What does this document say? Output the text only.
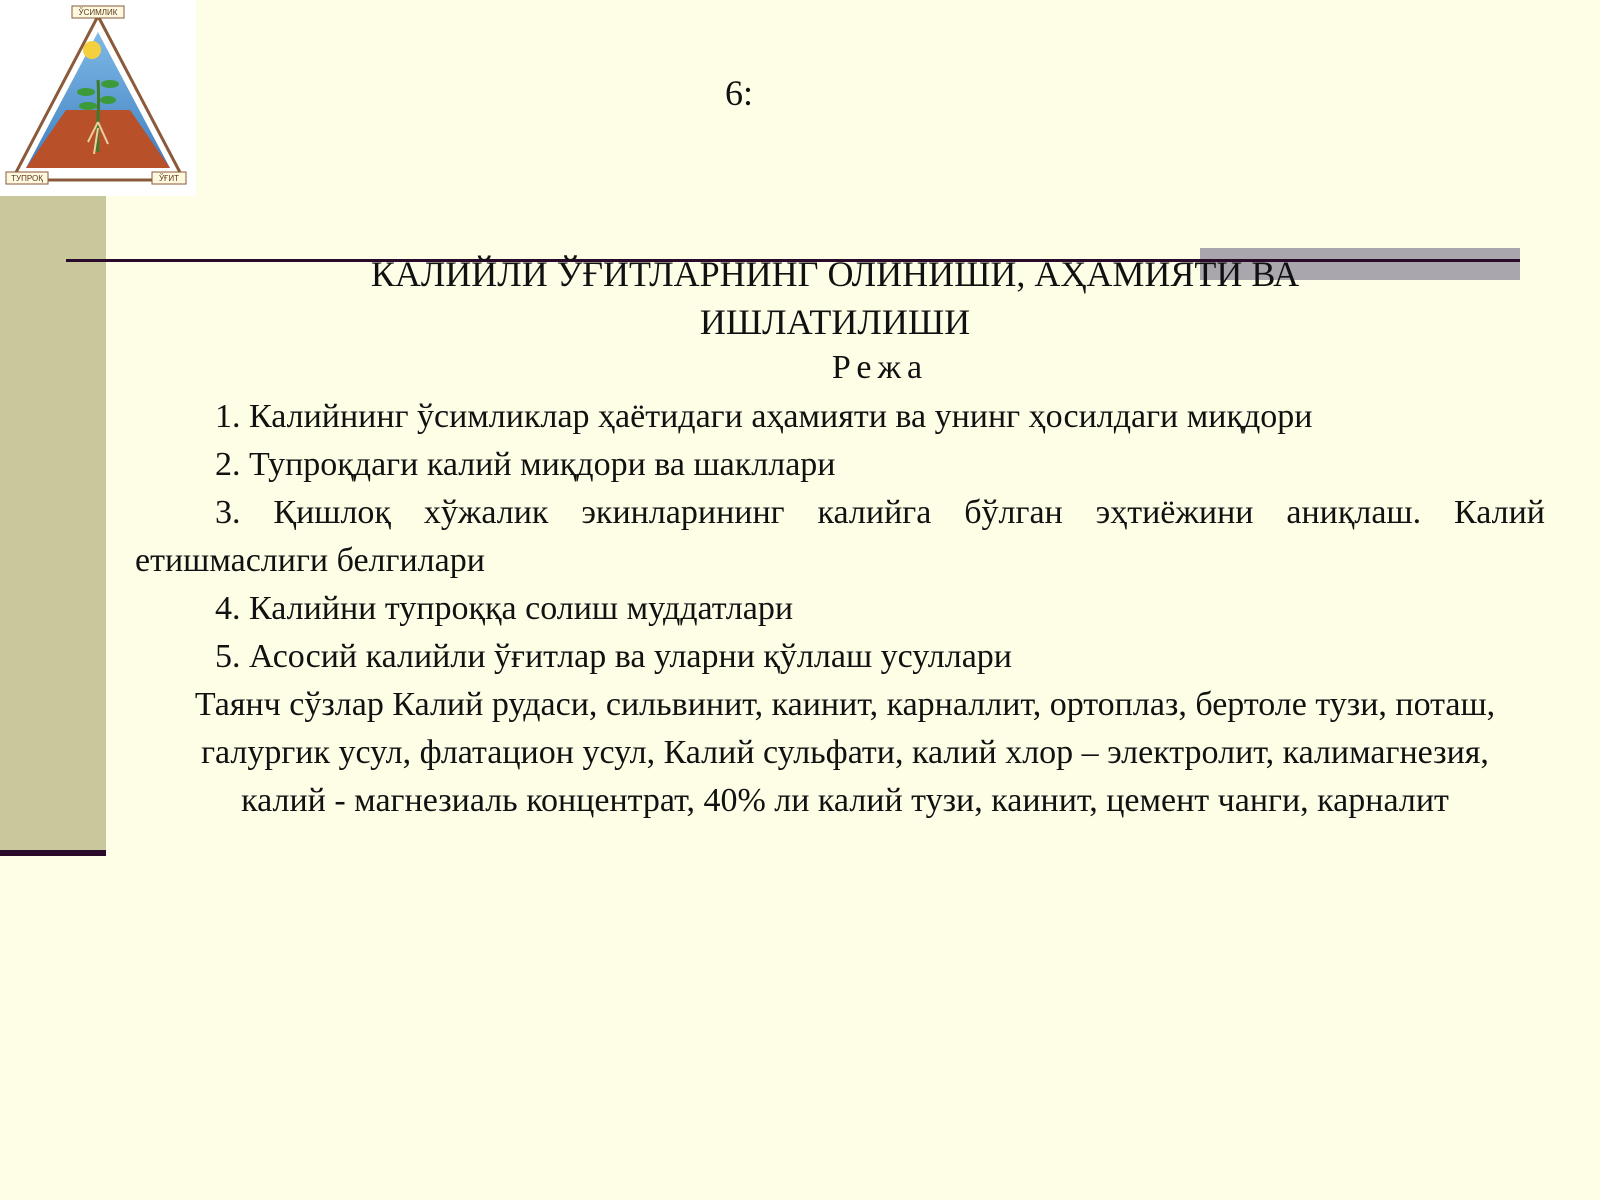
ЎСИМЛИК
ТУПРОҚ	ЎҒИТ
6:
КАЛИЙЛИ ЎҒИТЛАРНИНГ ОЛИНИШИ, АҲАМИЯТИ ВА ИШЛАТИЛИШИ
Режа
1. Калийнинг ўсимликлар ҳаётидаги аҳамияти ва унинг ҳосилдаги миқдори
2. Тупроқдаги калий миқдори ва шакллари
3. Қишлоқ хўжалик экинларининг калийга бўлган эҳтиёжини аниқлаш. Калий етишмаслиги белгилари
4. Калийни тупроққа солиш муддатлари
5. Асосий калийли ўғитлар ва уларни қўллаш усуллари
Таянч сўзлар Калий рудаси, сильвинит, каинит, карналлит, ортоплаз, бертоле тузи, поташ, галургик усул, флатацион усул, Калий сульфати, калий хлор – электролит, калимагнезия, калий - магнезиаль концентрат, 40% ли калий тузи, каинит, цемент чанги, карналит
